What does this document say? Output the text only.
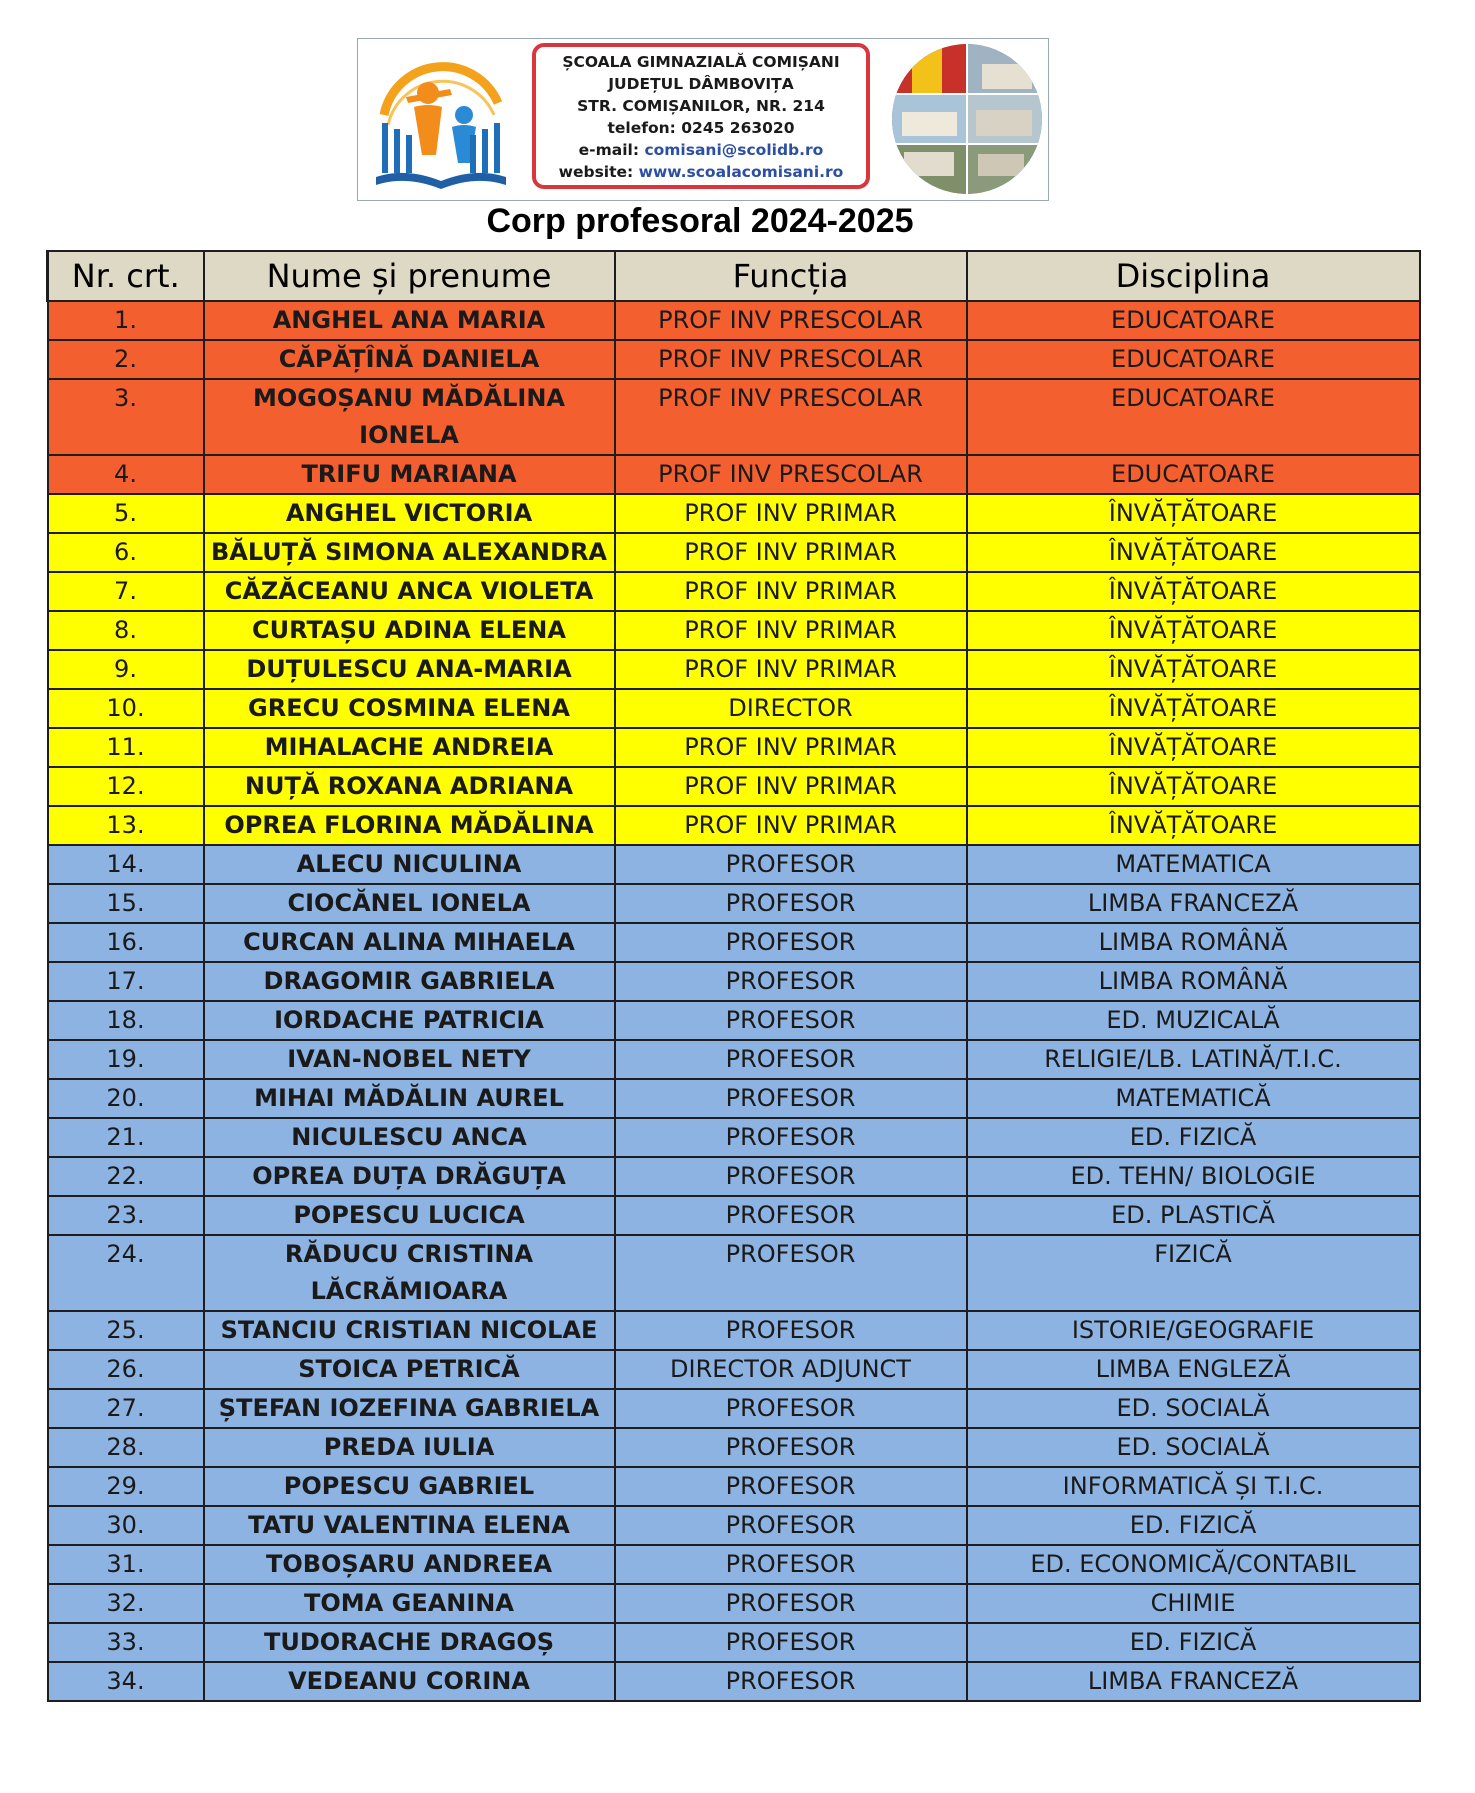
ȘCOALA GIMNAZIALĂ COMIȘANI
JUDEȚUL DÂMBOVIȚA
STR. COMIȘANILOR, NR. 214
telefon: 0245 263020
e-mail: comisani@scolidb.ro
website: www.scoalacomisani.ro
Corp profesoral 2024-2025
Nr. crt.	Nume și prenume	Funcția	Disciplina
1.	ANGHEL ANA MARIA	PROF INV PRESCOLAR	EDUCATOARE
2.	CĂPĂȚÎNĂ DANIELA	PROF INV PRESCOLAR	EDUCATOARE
3.	MOGOȘANU MĂDĂLINA IONELA	PROF INV PRESCOLAR	EDUCATOARE
4.	TRIFU MARIANA	PROF INV PRESCOLAR	EDUCATOARE
5.	ANGHEL VICTORIA	PROF INV PRIMAR	ÎNVĂȚĂTOARE
6.	BĂLUȚĂ SIMONA ALEXANDRA	PROF INV PRIMAR	ÎNVĂȚĂTOARE
7.	CĂZĂCEANU ANCA VIOLETA	PROF INV PRIMAR	ÎNVĂȚĂTOARE
8.	CURTAȘU ADINA ELENA	PROF INV PRIMAR	ÎNVĂȚĂTOARE
9.	DUȚULESCU ANA-MARIA	PROF INV PRIMAR	ÎNVĂȚĂTOARE
10.	GRECU COSMINA ELENA	DIRECTOR	ÎNVĂȚĂTOARE
11.	MIHALACHE ANDREIA	PROF INV PRIMAR	ÎNVĂȚĂTOARE
12.	NUȚĂ ROXANA ADRIANA	PROF INV PRIMAR	ÎNVĂȚĂTOARE
13.	OPREA FLORINA MĂDĂLINA	PROF INV PRIMAR	ÎNVĂȚĂTOARE
14.	ALECU NICULINA	PROFESOR	MATEMATICA
15.	CIOCĂNEL IONELA	PROFESOR	LIMBA FRANCEZĂ
16.	CURCAN ALINA MIHAELA	PROFESOR	LIMBA ROMÂNĂ
17.	DRAGOMIR GABRIELA	PROFESOR	LIMBA ROMÂNĂ
18.	IORDACHE PATRICIA	PROFESOR	ED. MUZICALĂ
19.	IVAN-NOBEL NETY	PROFESOR	RELIGIE/LB. LATINĂ/T.I.C.
20.	MIHAI MĂDĂLIN AUREL	PROFESOR	MATEMATICĂ
21.	NICULESCU ANCA	PROFESOR	ED. FIZICĂ
22.	OPREA DUȚA DRĂGUȚA	PROFESOR	ED. TEHN/ BIOLOGIE
23.	POPESCU LUCICA	PROFESOR	ED. PLASTICĂ
24.	RĂDUCU CRISTINA LĂCRĂMIOARA	PROFESOR	FIZICĂ
25.	STANCIU CRISTIAN NICOLAE	PROFESOR	ISTORIE/GEOGRAFIE
26.	STOICA PETRICĂ	DIRECTOR ADJUNCT	LIMBA ENGLEZĂ
27.	ȘTEFAN IOZEFINA GABRIELA	PROFESOR	ED. SOCIALĂ
28.	PREDA IULIA	PROFESOR	ED. SOCIALĂ
29.	POPESCU GABRIEL	PROFESOR	INFORMATICĂ ȘI T.I.C.
30.	TATU VALENTINA ELENA	PROFESOR	ED. FIZICĂ
31.	TOBOȘARU ANDREEA	PROFESOR	ED. ECONOMICĂ/CONTABIL
32.	TOMA GEANINA	PROFESOR	CHIMIE
33.	TUDORACHE DRAGOȘ	PROFESOR	ED. FIZICĂ
34.	VEDEANU CORINA	PROFESOR	LIMBA FRANCEZĂ
